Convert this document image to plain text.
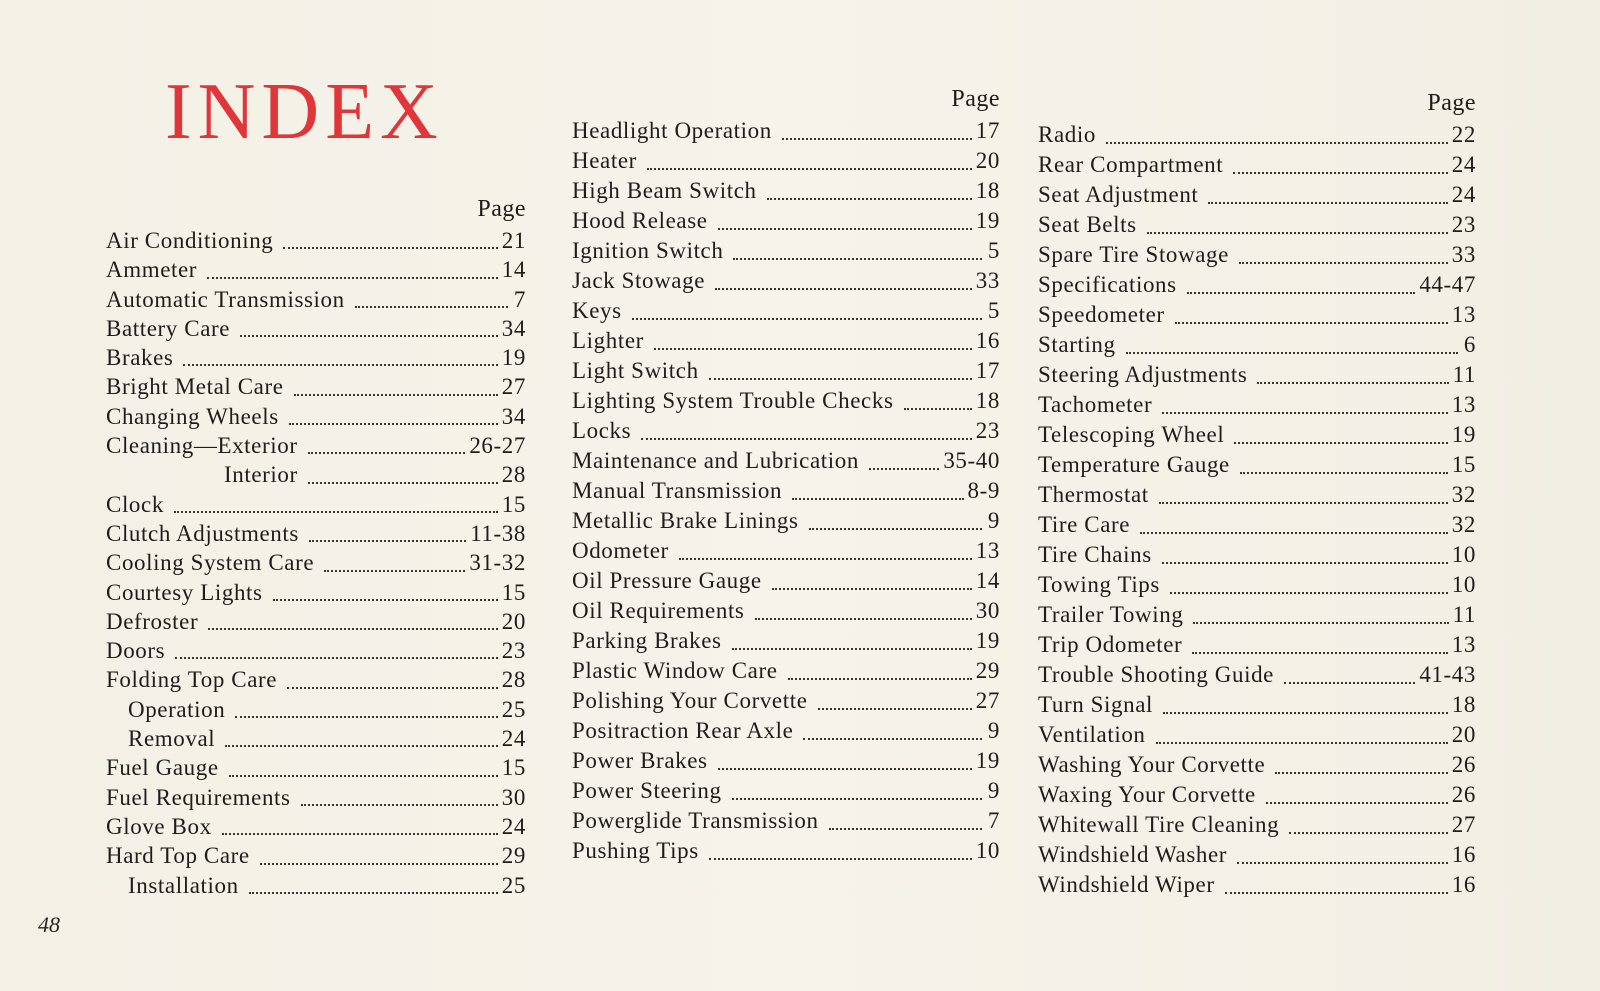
INDEX
Page
Air Conditioning	21
Ammeter	14
Automatic Transmission	7
Battery Care	34
Brakes	19
Bright Metal Care	27
Changing Wheels	34
Cleaning—Exterior	26-27
Interior	28
Clock	15
Clutch Adjustments	11-38
Cooling System Care	31-32
Courtesy Lights	15
Defroster	20
Doors	23
Folding Top Care	28
Operation	25
Removal	24
Fuel Gauge	15
Fuel Requirements	30
Glove Box	24
Hard Top Care	29
Installation	25
Page
Headlight Operation	17
Heater	20
High Beam Switch	18
Hood Release	19
Ignition Switch	5
Jack Stowage	33
Keys	5
Lighter	16
Light Switch	17
Lighting System Trouble Checks	18
Locks	23
Maintenance and Lubrication	35-40
Manual Transmission	8-9
Metallic Brake Linings	9
Odometer	13
Oil Pressure Gauge	14
Oil Requirements	30
Parking Brakes	19
Plastic Window Care	29
Polishing Your Corvette	27
Positraction Rear Axle	9
Power Brakes	19
Power Steering	9
Powerglide Transmission	7
Pushing Tips	10
Page
Radio	22
Rear Compartment	24
Seat Adjustment	24
Seat Belts	23
Spare Tire Stowage	33
Specifications	44-47
Speedometer	13
Starting	6
Steering Adjustments	11
Tachometer	13
Telescoping Wheel	19
Temperature Gauge	15
Thermostat	32
Tire Care	32
Tire Chains	10
Towing Tips	10
Trailer Towing	11
Trip Odometer	13
Trouble Shooting Guide	41-43
Turn Signal	18
Ventilation	20
Washing Your Corvette	26
Waxing Your Corvette	26
Whitewall Tire Cleaning	27
Windshield Washer	16
Windshield Wiper	16
48
